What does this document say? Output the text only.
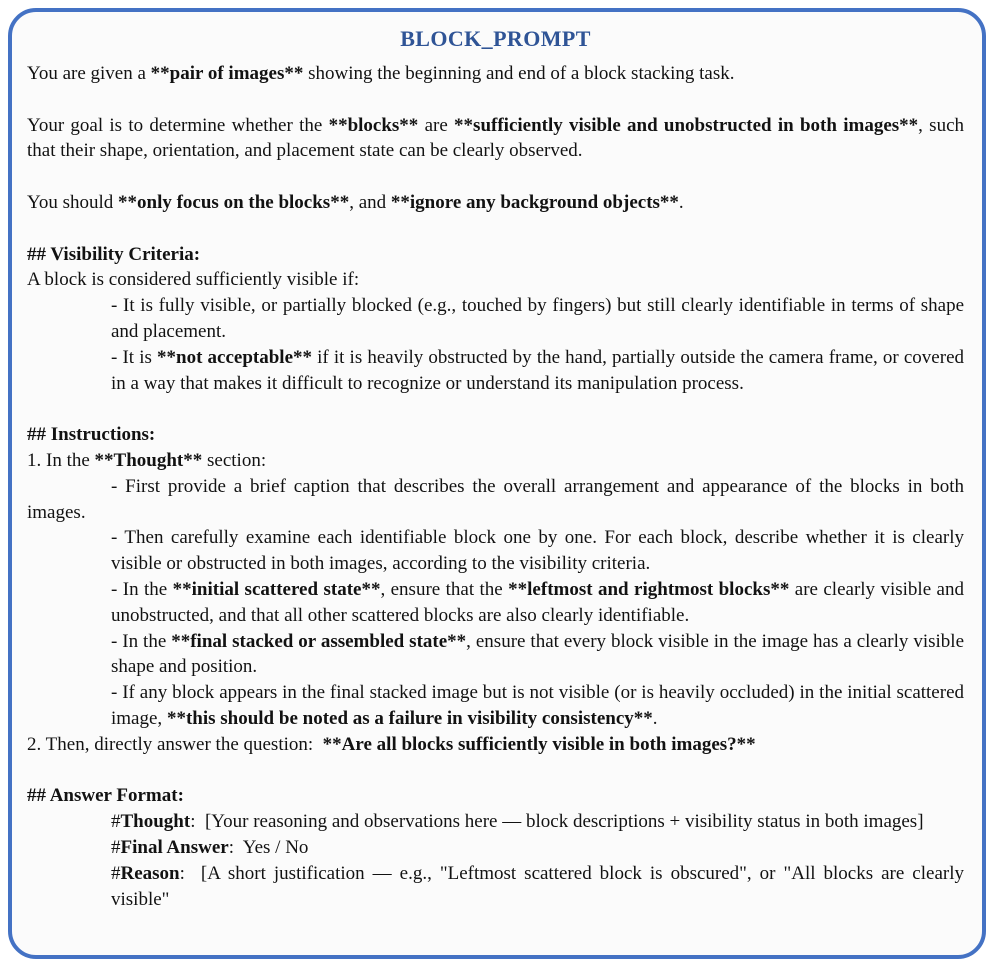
BLOCK_PROMPT
You are given a **pair of images** showing the beginning and end of a block stacking task.
Your goal is to determine whether the **blocks** are **sufficiently visible and unobstructed in both images**, such that their shape, orientation, and placement state can be clearly observed.
You should **only focus on the blocks**, and **ignore any background objects**.
## Visibility Criteria:
A block is considered sufficiently visible if:
- It is fully visible, or partially blocked (e.g., touched by fingers) but still clearly identifiable in terms of shape and placement.
- It is **not acceptable** if it is heavily obstructed by the hand, partially outside the camera frame, or covered in a way that makes it difficult to recognize or understand its manipulation process.
## Instructions:
1. In the **Thought** section:
- First provide a brief caption that describes the overall arrangement and appearance of the blocks in both images.
- Then carefully examine each identifiable block one by one. For each block, describe whether it is clearly visible or obstructed in both images, according to the visibility criteria.
- In the **initial scattered state**, ensure that the **leftmost and rightmost blocks** are clearly visible and unobstructed, and that all other scattered blocks are also clearly identifiable.
- In the **final stacked or assembled state**, ensure that every block visible in the image has a clearly visible shape and position.
- If any block appears in the final stacked image but is not visible (or is heavily occluded) in the initial scattered image, **this should be noted as a failure in visibility consistency**.
2. Then, directly answer the question:  **Are all blocks sufficiently visible in both images?**
## Answer Format:
#Thought:  [Your reasoning and observations here — block descriptions + visibility status in both images]
#Final Answer:  Yes / No
#Reason:  [A short justification — e.g., "Leftmost scattered block is obscured", or "All blocks are clearly visible"
